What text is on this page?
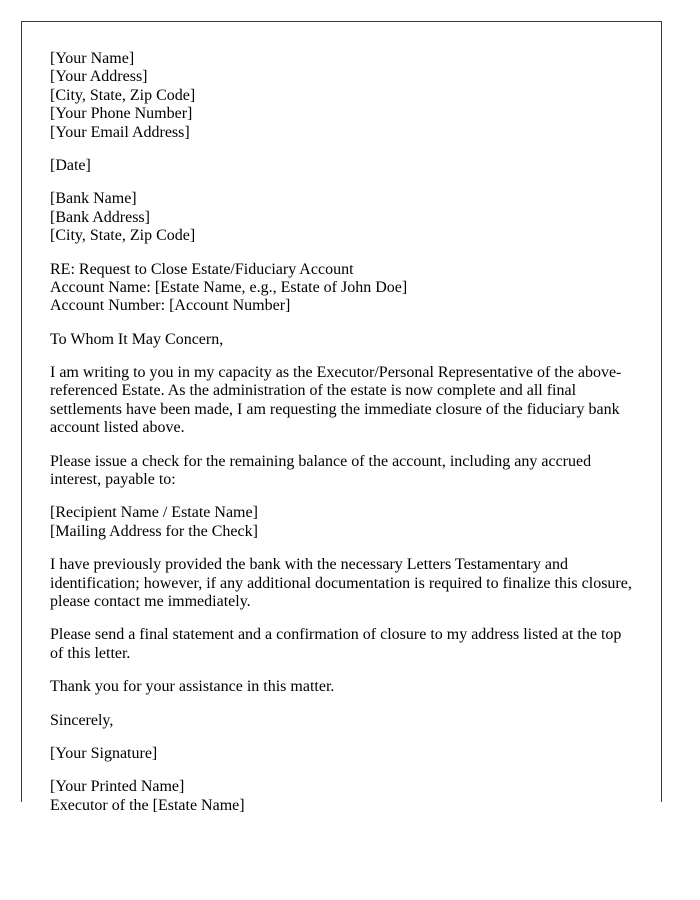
[Your Name]
[Your Address]
[City, State, Zip Code]
[Your Phone Number]
[Your Email Address]
[Date]
[Bank Name]
[Bank Address]
[City, State, Zip Code]
RE: Request to Close Estate/Fiduciary Account
Account Name: [Estate Name, e.g., Estate of John Doe]
Account Number: [Account Number]
To Whom It May Concern,
I am writing to you in my capacity as the Executor/Personal Representative of the above-referenced Estate. As the administration of the estate is now complete and all final settlements have been made, I am requesting the immediate closure of the fiduciary bank account listed above.
Please issue a check for the remaining balance of the account, including any accrued interest, payable to:
[Recipient Name / Estate Name]
[Mailing Address for the Check]
I have previously provided the bank with the necessary Letters Testamentary and identification; however, if any additional documentation is required to finalize this closure, please contact me immediately.
Please send a final statement and a confirmation of closure to my address listed at the top of this letter.
Thank you for your assistance in this matter.
Sincerely,
[Your Signature]
[Your Printed Name]
Executor of the [Estate Name]
